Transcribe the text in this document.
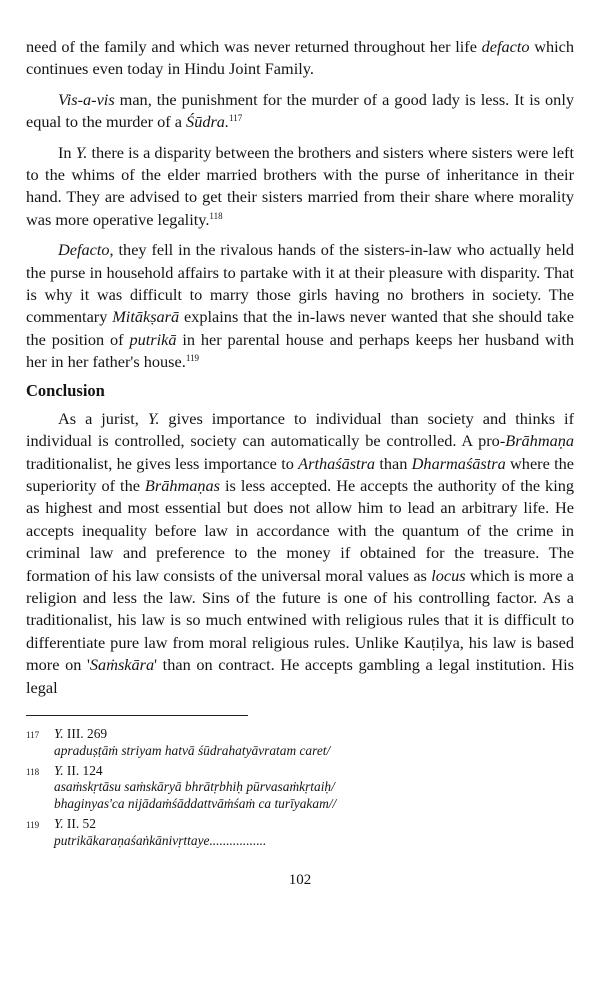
need of the family and which was never returned throughout her life defacto which continues even today in Hindu Joint Family.

Vis-a-vis man, the punishment for the murder of a good lady is less. It is only equal to the murder of a Śūdra.$^{117}$

In Y. there is a disparity between the brothers and sisters where sisters were left to the whims of the elder married brothers with the purse of inheritance in their hand. They are advised to get their sisters married from their share where morality was more operative legality.$^{118}$

Defacto, they fell in the rivalous hands of the sisters-in-law who actually held the purse in household affairs to partake with it at their pleasure with disparity. That is why it was difficult to marry those girls having no brothers in society. The commentary Mitākṣarā explains that the in-laws never wanted that she should take the position of putrikā in her parental house and perhaps keeps her husband with her in her father's house.$^{119}$

Conclusion

As a jurist, Y. gives importance to individual than society and thinks if individual is controlled, society can automatically be controlled. A pro-Brāhmaṇa traditionalist, he gives less importance to Arthaśāstra than Dharmaśāstra where the superiority of the Brāhmaṇas is less accepted. He accepts the authority of the king as highest and most essential but does not allow him to lead an arbitrary life. He accepts inequality before law in accordance with the quantum of the crime in criminal law and preference to the money if obtained for the treasure. The formation of his law consists of the universal moral values as locus which is more a religion and less the law. Sins of the future is one of his controlling factor. As a traditionalist, his law is so much entwined with religious rules that it is difficult to differentiate pure law from moral religious rules. Unlike Kauṭilya, his law is based more on 'Saṁskāra' than on contract. He accepts gambling a legal institution. His legal

117	Y. III. 269
apraduṣṭāṁ striyam hatvā śūdrahatyāvratam caret/
118	Y. II. 124
asaṁskṛtāsu saṁskāryā bhrātṛbhiḥ pūrvasaṁkṛtaiḥ/
bhaginyas'ca nijādaṁśāddattvāṁśaṁ ca turīyakam//
119	Y. II. 52
putrikākaraṇaśaṅkānivṛttaye.................
102
